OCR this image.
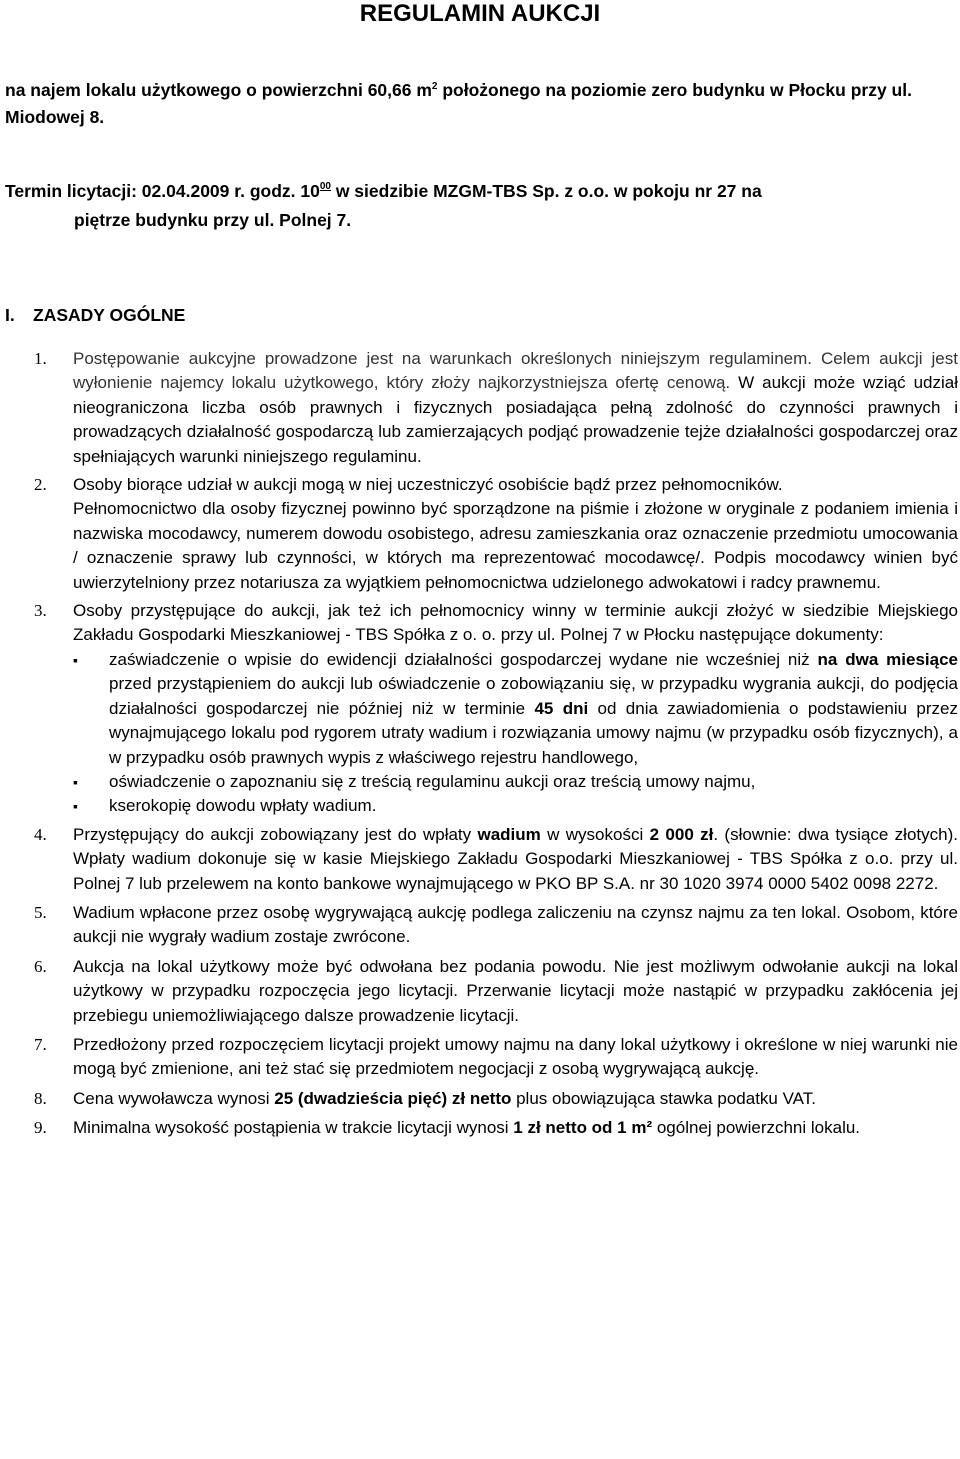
REGULAMIN AUKCJI
na najem lokalu użytkowego o powierzchni 60,66 $m^2$ położonego na poziomie zero budynku w Płocku przy ul. Miodowej 8.
Termin licytacji: 02.04.2009 r. godz. $10^{00}$ w siedzibie MZGM-TBS Sp. z o.o. w pokoju nr 27 na
piętrze budynku przy ul. Polnej 7.
I. ZASADY OGÓLNE
1. Postępowanie aukcyjne prowadzone jest na warunkach określonych niniejszym regulaminem. Celem aukcji jest wyłonienie najemcy lokalu użytkowego, który złoży najkorzystniejsza ofertę cenową. W aukcji może wziąć udział nieograniczona liczba osób prawnych i fizycznych posiadająca pełną zdolność do czynności prawnych i prowadzących działalność gospodarczą lub zamierzających podjąć prowadzenie tejże działalności gospodarczej oraz spełniających warunki niniejszego regulaminu.

2. Osoby biorące udział w aukcji mogą w niej uczestniczyć osobiście bądź przez pełnomocników.

Pełnomocnictwo dla osoby fizycznej powinno być sporządzone na piśmie i złożone w oryginale z podaniem imienia i nazwiska mocodawcy, numerem dowodu osobistego, adresu zamieszkania oraz oznaczenie przedmiotu umocowania / oznaczenie sprawy lub czynności, w których ma reprezentować mocodawcę/. Podpis mocodawcy winien być uwierzytelniony przez notariusza za wyjątkiem pełnomocnictwa udzielonego adwokatowi i radcy prawnemu.

3. Osoby przystępujące do aukcji, jak też ich pełnomocnicy winny w terminie aukcji złożyć w siedzibie Miejskiego Zakładu Gospodarki Mieszkaniowej - TBS Spółka z o. o. przy ul. Polnej 7 w Płocku następujące dokumenty:

▪ zaświadczenie o wpisie do ewidencji działalności gospodarczej wydane nie wcześniej niż na dwa miesiące przed przystąpieniem do aukcji lub oświadczenie o zobowiązaniu się, w przypadku wygrania aukcji, do podjęcia działalności gospodarczej nie później niż w terminie 45 dni od dnia zawiadomienia o podstawieniu przez wynajmującego lokalu pod rygorem utraty wadium i rozwiązania umowy najmu (w przypadku osób fizycznych), a w przypadku osób prawnych wypis z właściwego rejestru handlowego,
▪ oświadczenie o zapoznaniu się z treścią regulaminu aukcji oraz treścią umowy najmu,
▪ kserokopię dowodu wpłaty wadium.
4. Przystępujący do aukcji zobowiązany jest do wpłaty wadium w wysokości 2 000 zł. (słownie: dwa tysiące złotych). Wpłaty wadium dokonuje się w kasie Miejskiego Zakładu Gospodarki Mieszkaniowej - TBS Spółka z o.o. przy ul. Polnej 7 lub przelewem na konto bankowe wynajmującego w PKO BP S.A. nr 30 1020 3974 0000 5402 0098 2272.

5. Wadium wpłacone przez osobę wygrywającą aukcję podlega zaliczeniu na czynsz najmu za ten lokal. Osobom, które aukcji nie wygrały wadium zostaje zwrócone.

6. Aukcja na lokal użytkowy może być odwołana bez podania powodu. Nie jest możliwym odwołanie aukcji na lokal użytkowy w przypadku rozpoczęcia jego licytacji. Przerwanie licytacji może nastąpić w przypadku zakłócenia jej przebiegu uniemożliwiającego dalsze prowadzenie licytacji.

7. Przedłożony przed rozpoczęciem licytacji projekt umowy najmu na dany lokal użytkowy i określone w niej warunki nie mogą być zmienione, ani też stać się przedmiotem negocjacji z osobą wygrywającą aukcję.

8. Cena wywoławcza wynosi 25 (dwadzieścia pięć) zł netto plus obowiązująca stawka podatku VAT.

9. Minimalna wysokość postąpienia w trakcie licytacji wynosi 1 zł netto od 1 m² ogólnej powierzchni lokalu.
